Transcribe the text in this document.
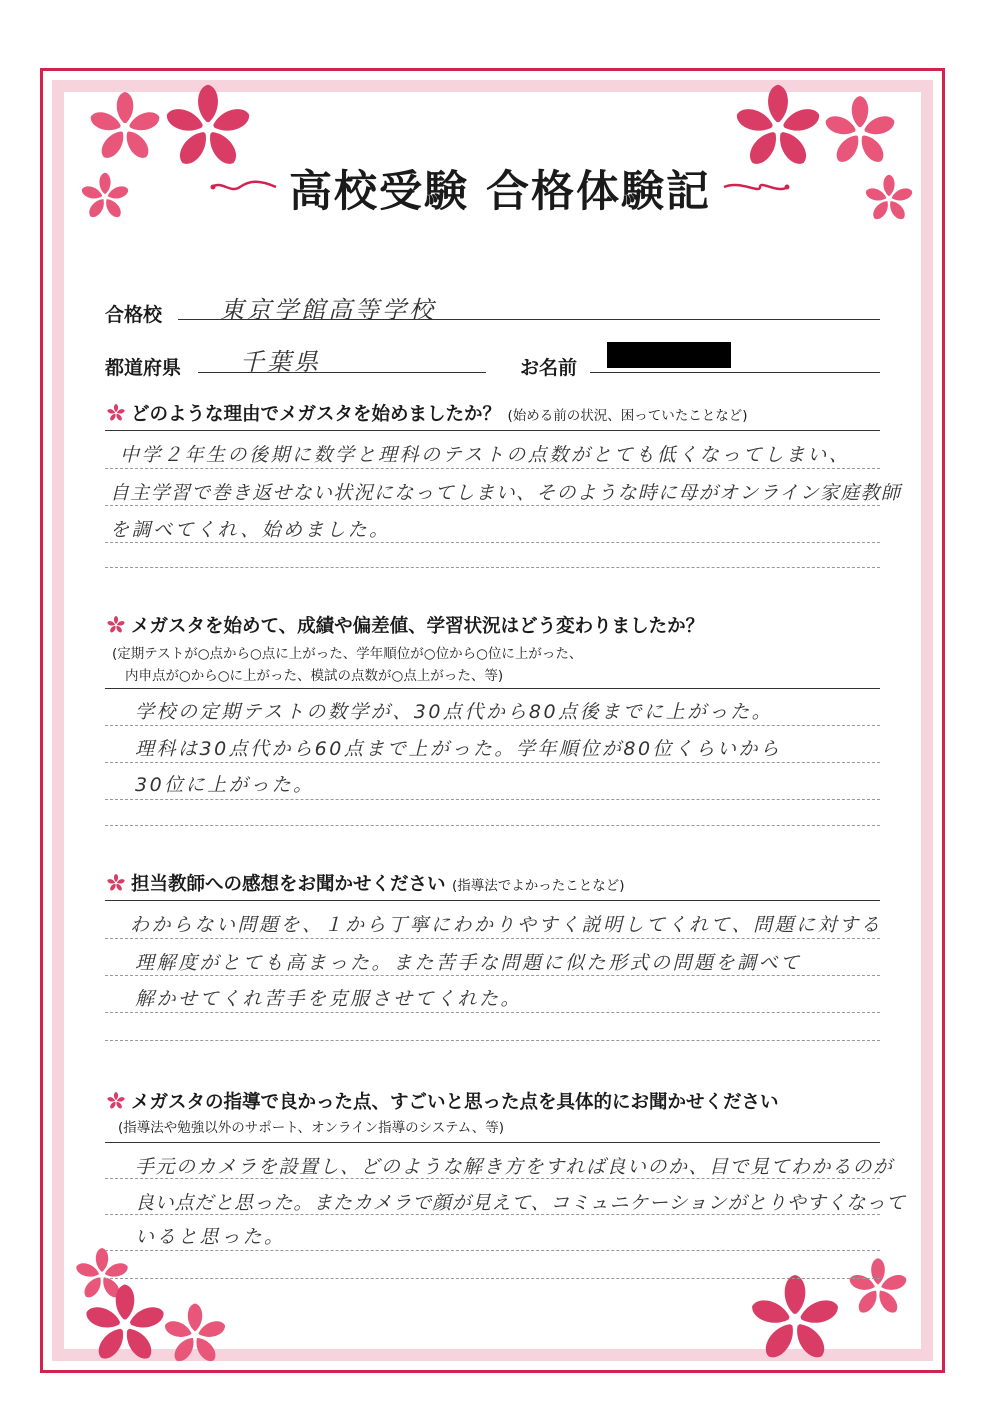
高校受験 合格体験記
合格校 東京学館高等学校
都道府県 千葉県	お名前
どのような理由でメガスタを始めましたか？ (始める前の状況、困っていたことなど)
中学２年生の後期に数学と理科のテストの点数がとても低くなってしまい、
自主学習で巻き返せない状況になってしまい、そのような時に母がオンライン家庭教師
を調べてくれ、始めました。
メガスタを始めて、成績や偏差値、学習状況はどう変わりましたか？
(定期テストが○点から○点に上がった、学年順位が○位から○位に上がった、
内申点が○から○に上がった、模試の点数が○点上がった、等)
学校の定期テストの数学が、30点代から80点後までに上がった。
理科は30点代から60点まで上がった。学年順位が80位くらいから
30位に上がった。
担当教師への感想をお聞かせください (指導法でよかったことなど)
わからない問題を、１から丁寧にわかりやすく説明してくれて、問題に対する
理解度がとても高まった。また苦手な問題に似た形式の問題を調べて
解かせてくれ苦手を克服させてくれた。
メガスタの指導で良かった点、すごいと思った点を具体的にお聞かせください
(指導法や勉強以外のサポート、オンライン指導のシステム、等)
手元のカメラを設置し、どのような解き方をすれば良いのか、目で見てわかるのが
良い点だと思った。またカメラで顔が見えて、コミュニケーションがとりやすくなって
いると思った。
